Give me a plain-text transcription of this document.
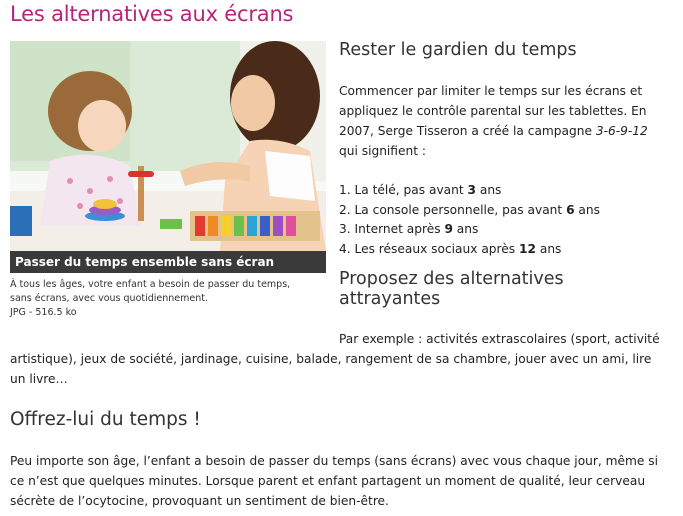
Les alternatives aux écrans
Passer du temps ensemble sans écran

À tous les âges, votre enfant a besoin de passer du temps, sans écrans, avec vous quotidiennement.

JPG - 516.5 ko
Rester le gardien du temps

Commencer par limiter le temps sur les écrans et appliquez le contrôle parental sur les tablettes. En 2007, Serge Tisseron a créé la campagne 3-6-9-12 qui signifient :

1. La télé, pas avant 3 ans
2. La console personnelle, pas avant 6 ans
3. Internet après 9 ans
4. Les réseaux sociaux après 12 ans
Proposez des alternatives attrayantes

Par exemple : activités extrascolaires (sport, activité artistique), jeux de société, jardinage, cuisine, balade, rangement de sa chambre, jouer avec un ami, lire un livre…

Offrez-lui du temps !

Peu importe son âge, l’enfant a besoin de passer du temps (sans écrans) avec vous chaque jour, même si ce n’est que quelques minutes. Lorsque parent et enfant partagent un moment de qualité, leur cerveau sécrète de l’ocytocine, provoquant un sentiment de bien-être.
